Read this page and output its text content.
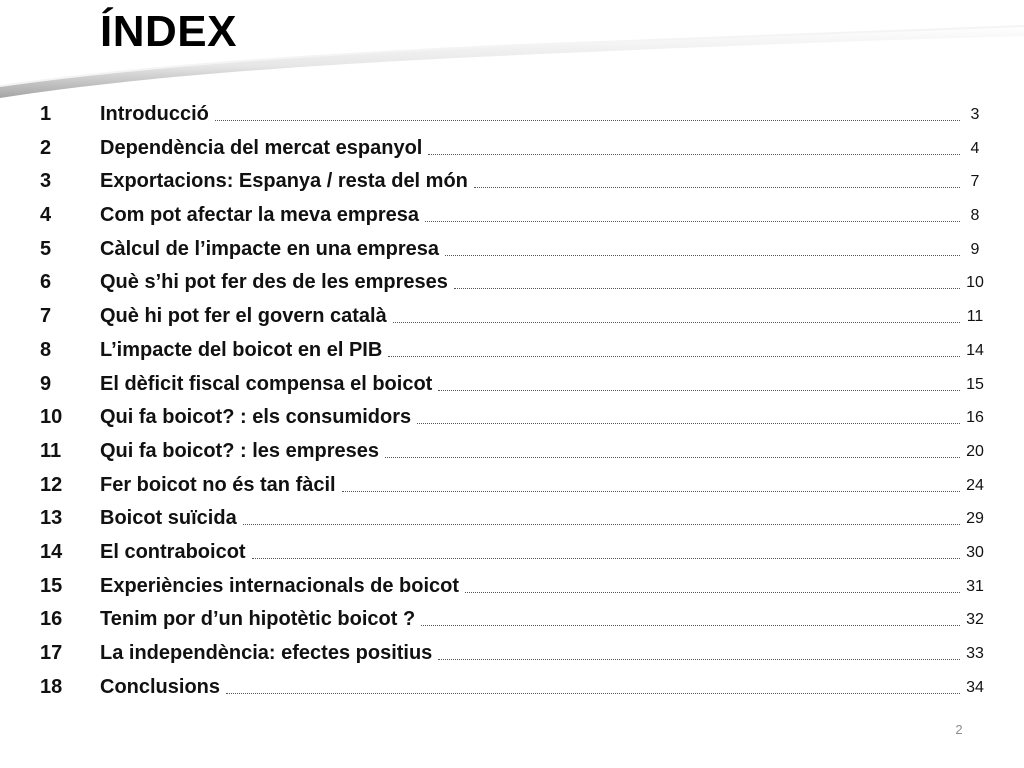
ÍNDEX
1 Introducció	3
2 Dependència del mercat espanyol	4
3 Exportacions: Espanya / resta del món	7
4 Com pot afectar la meva empresa	8
5 Càlcul de l’impacte en una empresa	9
6 Què s’hi pot fer des de les empreses	10
7 Què hi pot fer el govern català	11
8 L’impacte del boicot en el PIB	14
9 El dèficit fiscal compensa el boicot	15
10 Qui fa boicot? : els consumidors	16
11 Qui fa boicot? : les empreses	20
12 Fer boicot no és tan fàcil	24
13 Boicot suïcida	29
14 El contraboicot	30
15 Experiències internacionals de boicot	31
16 Tenim por d’un hipotètic boicot ?	32
17 La independència: efectes positius	33
18 Conclusions	34
2
